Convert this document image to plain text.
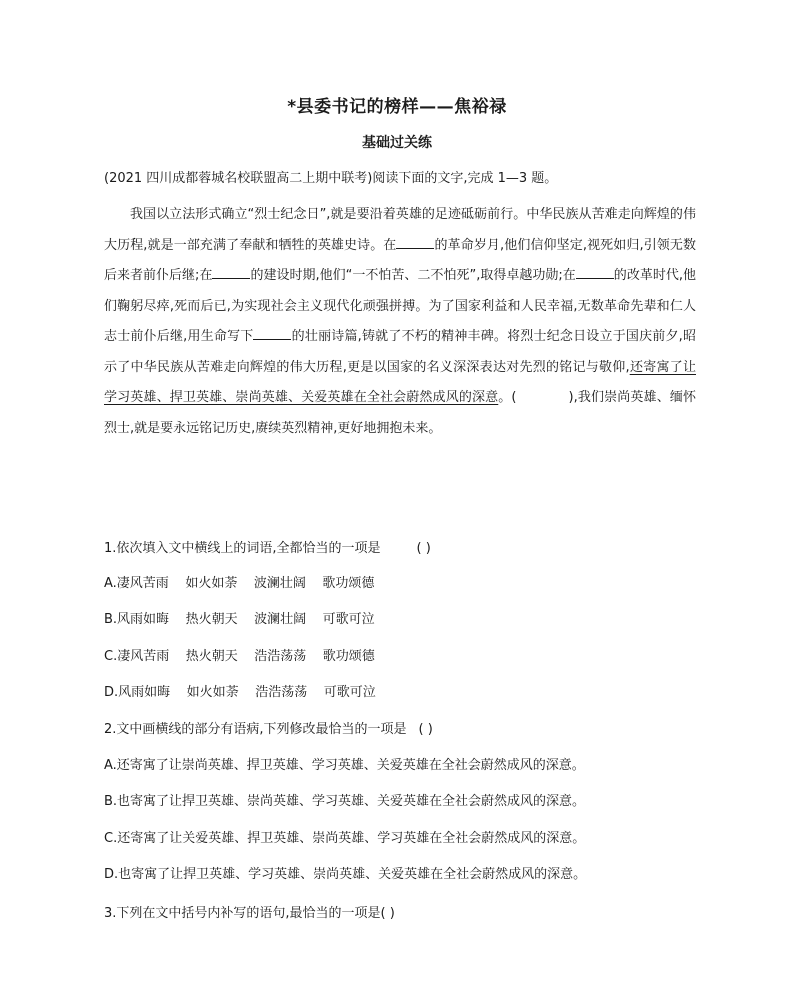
*县委书记的榜样——焦裕禄
基础过关练
(2021 四川成都蓉城名校联盟高二上期中联考)阅读下面的文字,完成 1—3 题。

我国以立法形式确立“烈士纪念日”,就是要沿着英雄的足迹砥砺前行。中华民族从苦难走向辉煌的伟大历程,就是一部充满了奉献和牺牲的英雄史诗。在	的革命岁月,他们信仰坚定,视死如归,引领无数后来者前仆后继;在	的建设时期,他们“一不怕苦、二不怕死”,取得卓越功勋;在	的改革时代,他们鞠躬尽瘁,死而后已,为实现社会主义现代化顽强拼搏。为了国家利益和人民幸福,无数革命先辈和仁人志士前仆后继,用生命写下	的壮丽诗篇,铸就了不朽的精神丰碑。将烈士纪念日设立于国庆前夕,昭示了中华民族从苦难走向辉煌的伟大历程,更是以国家的名义深深表达对先烈的铭记与敬仰,还寄寓了让学习英雄、捍卫英雄、崇尚英雄、关爱英雄在全社会蔚然成风的深意。(	),我们崇尚英雄、缅怀烈士,就是要永远铭记历史,赓续英烈精神,更好地拥抱未来。

1.依次填入文中横线上的词语,全都恰当的一项是	( )
A.凄风苦雨    如火如荼    波澜壮阔    歌功颂德
B.风雨如晦    热火朝天    波澜壮阔    可歌可泣
C.凄风苦雨    热火朝天    浩浩荡荡    歌功颂德
D.风雨如晦    如火如荼    浩浩荡荡    可歌可泣
2.文中画横线的部分有语病,下列修改最恰当的一项是 ( )
A.还寄寓了让崇尚英雄、捍卫英雄、学习英雄、关爱英雄在全社会蔚然成风的深意。
B.也寄寓了让捍卫英雄、崇尚英雄、学习英雄、关爱英雄在全社会蔚然成风的深意。
C.还寄寓了让关爱英雄、捍卫英雄、崇尚英雄、学习英雄在全社会蔚然成风的深意。
D.也寄寓了让捍卫英雄、学习英雄、崇尚英雄、关爱英雄在全社会蔚然成风的深意。
3.下列在文中括号内补写的语句,最恰当的一项是( )
